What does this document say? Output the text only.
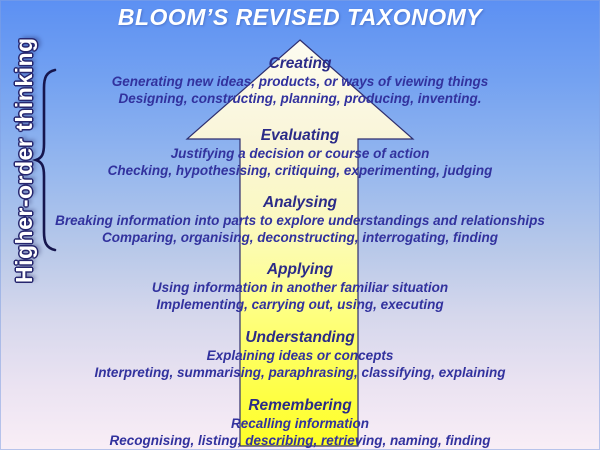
BLOOM’S REVISED TAXONOMY
Creating
Generating new ideas, products, or ways of viewing things
Designing, constructing, planning, producing, inventing.
Evaluating
Justifying a decision or course of action
Checking, hypothesising, critiquing, experimenting, judging
Analysing
Breaking information into parts to explore understandings and relationships
Comparing, organising, deconstructing, interrogating, finding
Applying
Using information in another familiar situation
Implementing, carrying out, using, executing
Understanding
Explaining ideas or concepts
Interpreting, summarising, paraphrasing, classifying, explaining
Remembering
Recalling information
Recognising, listing, describing, retrieving, naming, finding
Higher-order thinking
